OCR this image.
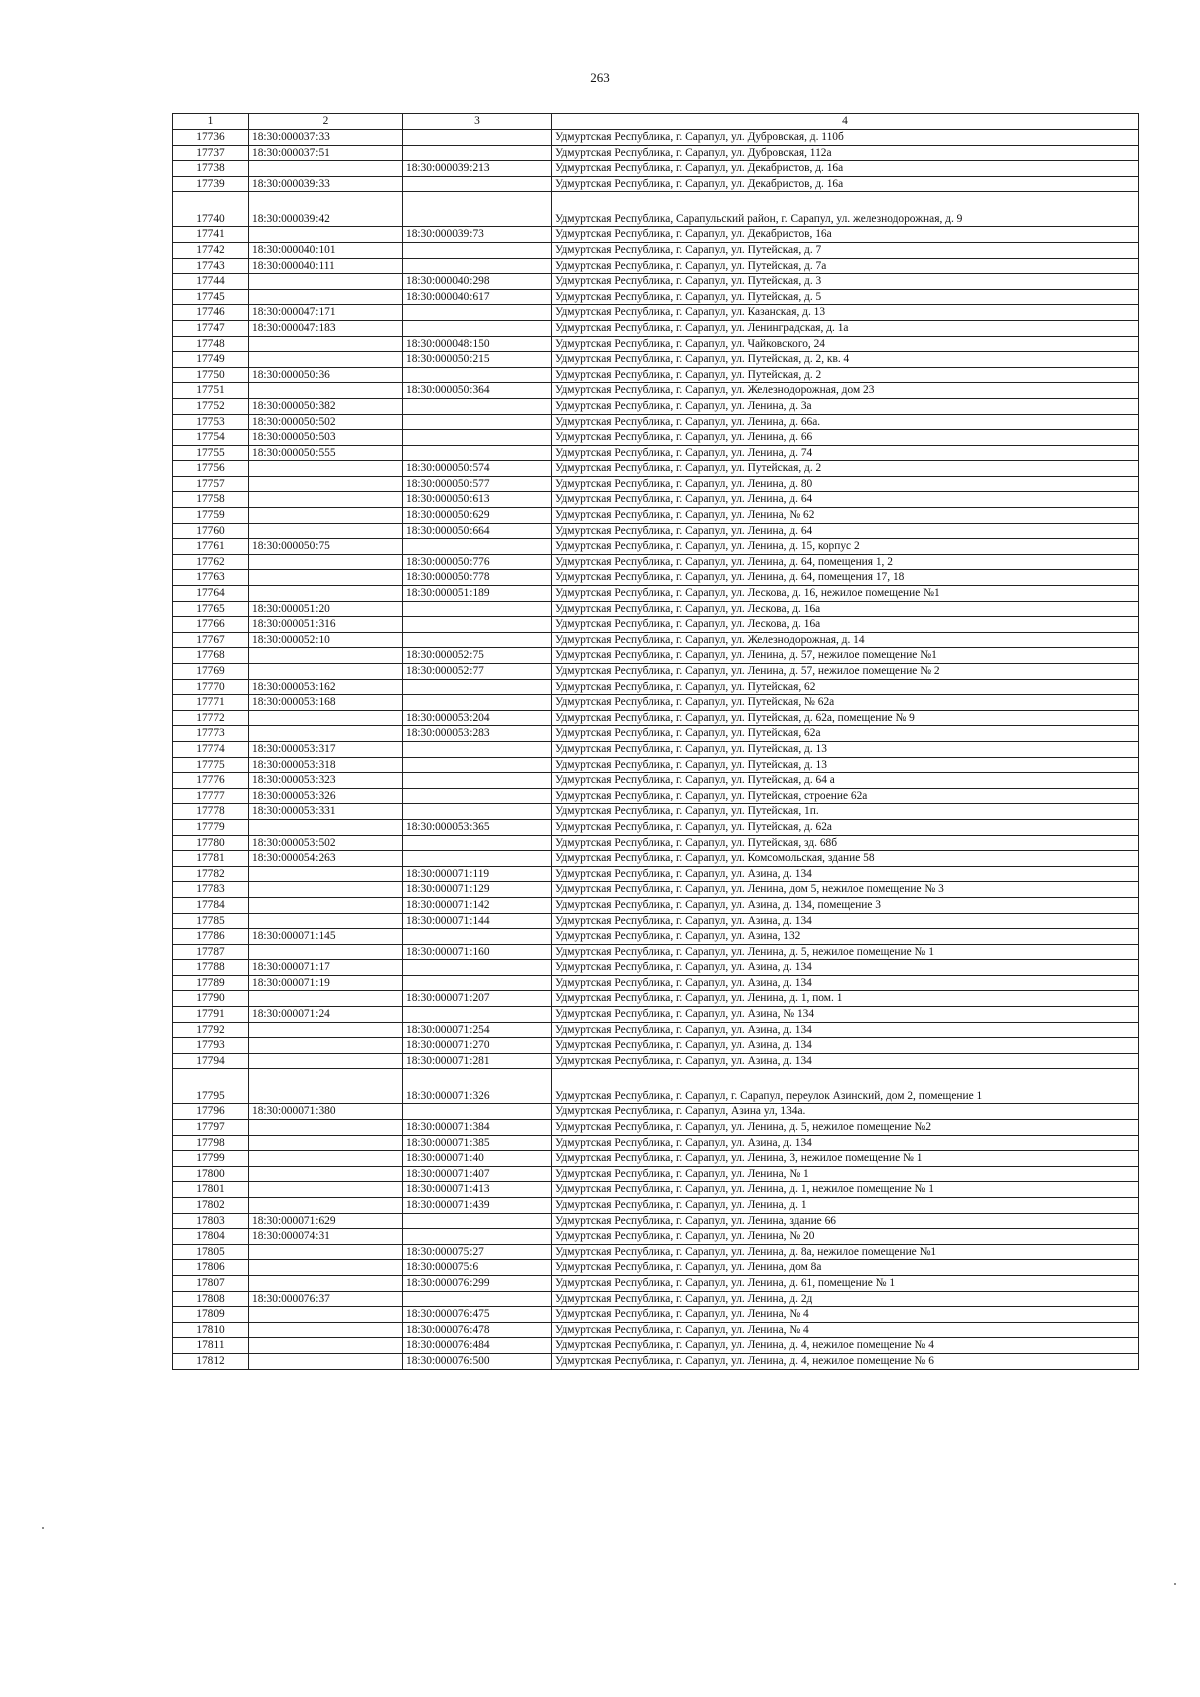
263
1	2	3	4
17736	18:30:000037:33		Удмуртская Республика, г. Сарапул, ул. Дубровская, д. 110б
17737	18:30:000037:51		Удмуртская Республика, г. Сарапул, ул. Дубровская, 112а
17738		18:30:000039:213	Удмуртская Республика, г. Сарапул, ул. Декабристов, д. 16а
17739	18:30:000039:33		Удмуртская Республика, г. Сарапул, ул. Декабристов, д. 16а
17740	18:30:000039:42		Удмуртская Республика, Сарапульский район, г. Сарапул, ул. железнодорожная, д. 9
17741		18:30:000039:73	Удмуртская Республика, г. Сарапул, ул. Декабристов, 16а
17742	18:30:000040:101		Удмуртская Республика, г. Сарапул, ул. Путейская, д. 7
17743	18:30:000040:111		Удмуртская Республика, г. Сарапул, ул. Путейская, д. 7а
17744		18:30:000040:298	Удмуртская Республика, г. Сарапул, ул. Путейская, д. 3
17745		18:30:000040:617	Удмуртская Республика, г. Сарапул, ул. Путейская, д. 5
17746	18:30:000047:171		Удмуртская Республика, г. Сарапул, ул. Казанская, д. 13
17747	18:30:000047:183		Удмуртская Республика, г. Сарапул, ул. Ленинградская, д. 1а
17748		18:30:000048:150	Удмуртская Республика, г. Сарапул, ул. Чайковского, 24
17749		18:30:000050:215	Удмуртская Республика, г. Сарапул, ул. Путейская, д. 2, кв. 4
17750	18:30:000050:36		Удмуртская Республика, г. Сарапул, ул. Путейская, д. 2
17751		18:30:000050:364	Удмуртская Республика, г. Сарапул, ул. Железнодорожная, дом 23
17752	18:30:000050:382		Удмуртская Республика, г. Сарапул, ул. Ленина, д. 3а
17753	18:30:000050:502		Удмуртская Республика, г. Сарапул, ул. Ленина, д. 66а.
17754	18:30:000050:503		Удмуртская Республика, г. Сарапул, ул. Ленина, д. 66
17755	18:30:000050:555		Удмуртская Республика, г. Сарапул, ул. Ленина, д. 74
17756		18:30:000050:574	Удмуртская Республика, г. Сарапул, ул. Путейская, д. 2
17757		18:30:000050:577	Удмуртская Республика, г. Сарапул, ул. Ленина, д. 80
17758		18:30:000050:613	Удмуртская Республика, г. Сарапул, ул. Ленина, д. 64
17759		18:30:000050:629	Удмуртская Республика, г. Сарапул, ул. Ленина, № 62
17760		18:30:000050:664	Удмуртская Республика, г. Сарапул, ул. Ленина, д. 64
17761	18:30:000050:75		Удмуртская Республика, г. Сарапул, ул. Ленина, д. 15, корпус 2
17762		18:30:000050:776	Удмуртская Республика, г. Сарапул, ул. Ленина, д. 64, помещения 1, 2
17763		18:30:000050:778	Удмуртская Республика, г. Сарапул, ул. Ленина, д. 64, помещения 17, 18
17764		18:30:000051:189	Удмуртская Республика, г. Сарапул, ул. Лескова, д. 16, нежилое помещение №1
17765	18:30:000051:20		Удмуртская Республика, г. Сарапул, ул. Лескова, д. 16а
17766	18:30:000051:316		Удмуртская Республика, г. Сарапул, ул. Лескова, д. 16а
17767	18:30:000052:10		Удмуртская Республика, г. Сарапул, ул. Железнодорожная, д. 14
17768		18:30:000052:75	Удмуртская Республика, г. Сарапул, ул. Ленина, д. 57, нежилое помещение №1
17769		18:30:000052:77	Удмуртская Республика, г. Сарапул, ул. Ленина, д. 57, нежилое помещение № 2
17770	18:30:000053:162		Удмуртская Республика, г. Сарапул, ул. Путейская, 62
17771	18:30:000053:168		Удмуртская Республика, г. Сарапул, ул. Путейская, № 62а
17772		18:30:000053:204	Удмуртская Республика, г. Сарапул, ул. Путейская, д. 62а, помещение № 9
17773		18:30:000053:283	Удмуртская Республика, г. Сарапул, ул. Путейская, 62а
17774	18:30:000053:317		Удмуртская Республика, г. Сарапул, ул. Путейская, д. 13
17775	18:30:000053:318		Удмуртская Республика, г. Сарапул, ул. Путейская, д. 13
17776	18:30:000053:323		Удмуртская Республика, г. Сарапул, ул. Путейская, д. 64 а
17777	18:30:000053:326		Удмуртская Республика, г. Сарапул, ул. Путейская, строение 62а
17778	18:30:000053:331		Удмуртская Республика, г. Сарапул, ул. Путейская, 1п.
17779		18:30:000053:365	Удмуртская Республика, г. Сарапул, ул. Путейская, д. 62а
17780	18:30:000053:502		Удмуртская Республика, г. Сарапул, ул. Путейская, зд. 68б
17781	18:30:000054:263		Удмуртская Республика, г. Сарапул, ул. Комсомольская, здание 58
17782		18:30:000071:119	Удмуртская Республика, г. Сарапул, ул. Азина, д. 134
17783		18:30:000071:129	Удмуртская Республика, г. Сарапул, ул. Ленина, дом 5, нежилое помещение № 3
17784		18:30:000071:142	Удмуртская Республика, г. Сарапул, ул. Азина, д. 134, помещение 3
17785		18:30:000071:144	Удмуртская Республика, г. Сарапул, ул. Азина, д. 134
17786	18:30:000071:145		Удмуртская Республика, г. Сарапул, ул. Азина, 132
17787		18:30:000071:160	Удмуртская Республика, г. Сарапул, ул. Ленина, д. 5, нежилое помещение № 1
17788	18:30:000071:17		Удмуртская Республика, г. Сарапул, ул. Азина, д. 134
17789	18:30:000071:19		Удмуртская Республика, г. Сарапул, ул. Азина, д. 134
17790		18:30:000071:207	Удмуртская Республика, г. Сарапул, ул. Ленина, д. 1, пом. 1
17791	18:30:000071:24		Удмуртская Республика, г. Сарапул, ул. Азина, № 134
17792		18:30:000071:254	Удмуртская Республика, г. Сарапул, ул. Азина, д. 134
17793		18:30:000071:270	Удмуртская Республика, г. Сарапул, ул. Азина, д. 134
17794		18:30:000071:281	Удмуртская Республика, г. Сарапул, ул. Азина, д. 134
17795		18:30:000071:326	Удмуртская Республика, г. Сарапул, г. Сарапул, переулок Азинский, дом 2, помещение 1
17796	18:30:000071:380		Удмуртская Республика, г. Сарапул, Азина ул, 134а.
17797		18:30:000071:384	Удмуртская Республика, г. Сарапул, ул. Ленина, д. 5, нежилое помещение №2
17798		18:30:000071:385	Удмуртская Республика, г. Сарапул, ул. Азина, д. 134
17799		18:30:000071:40	Удмуртская Республика, г. Сарапул, ул. Ленина, 3, нежилое помещение № 1
17800		18:30:000071:407	Удмуртская Республика, г. Сарапул, ул. Ленина, № 1
17801		18:30:000071:413	Удмуртская Республика, г. Сарапул, ул. Ленина, д. 1, нежилое помещение № 1
17802		18:30:000071:439	Удмуртская Республика, г. Сарапул, ул. Ленина, д. 1
17803	18:30:000071:629		Удмуртская Республика, г. Сарапул, ул. Ленина, здание 66
17804	18:30:000074:31		Удмуртская Республика, г. Сарапул, ул. Ленина, № 20
17805		18:30:000075:27	Удмуртская Республика, г. Сарапул, ул. Ленина, д. 8а, нежилое помещение №1
17806		18:30:000075:6	Удмуртская Республика, г. Сарапул, ул. Ленина, дом 8а
17807		18:30:000076:299	Удмуртская Республика, г. Сарапул, ул. Ленина, д. 61, помещение № 1
17808	18:30:000076:37		Удмуртская Республика, г. Сарапул, ул. Ленина, д. 2д
17809		18:30:000076:475	Удмуртская Республика, г. Сарапул, ул. Ленина, № 4
17810		18:30:000076:478	Удмуртская Республика, г. Сарапул, ул. Ленина, № 4
17811		18:30:000076:484	Удмуртская Республика, г. Сарапул, ул. Ленина, д. 4, нежилое помещение № 4
17812		18:30:000076:500	Удмуртская Республика, г. Сарапул, ул. Ленина, д. 4, нежилое помещение № 6
